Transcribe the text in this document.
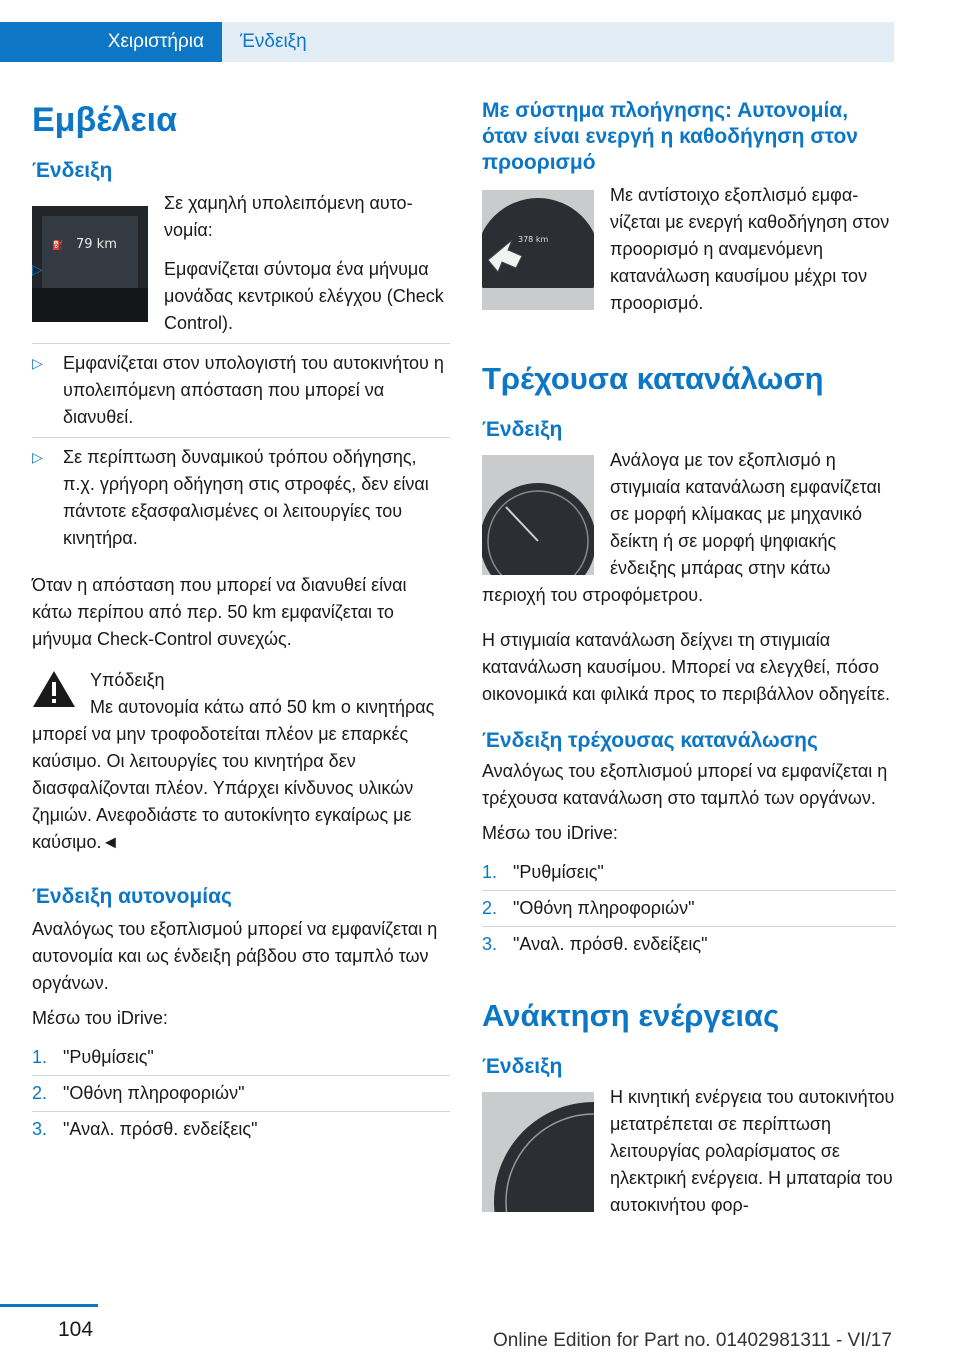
Χειριστήρια Ένδειξη
Εμβέλεια
Ένδειξη
⛽ 79 km

Σε χαμηλή υπολειπόμενη αυτονομία:

▷	Εμφανίζεται σύντομα ένα μήνυμα μονάδας κεντρικού ελέγχου (Check Control).
▷ Εμφανίζεται στον υπολογιστή του αυτοκινήτου η υπολειπόμενη απόσταση που μπορεί να διανυθεί.
▷ Σε περίπτωση δυναμικού τρόπου οδήγησης, π.χ. γρήγορη οδήγηση στις στροφές, δεν είναι πάντοτε εξασφαλισμένες οι λειτουργίες του κινητήρα.

Όταν η απόσταση που μπορεί να διανυθεί είναι κάτω περίπου από περ. 50 km εμφανίζεται το μήνυμα Check-Control συνεχώς.

Υπόδειξη

Με αυτονομία κάτω από 50 km ο κινητήρας μπορεί να μην τροφοδοτείται πλέον με επαρκές καύσιμο. Οι λειτουργίες του κινητήρα δεν διασφαλίζονται πλέον. Υπάρχει κίνδυνος υλικών ζημιών. Ανεφοδιάστε το αυτοκίνητο εγκαίρως με καύσιμο.◄

Ένδειξη αυτονομίας

Αναλόγως του εξοπλισμού μπορεί να εμφανίζεται η αυτονομία και ως ένδειξη ράβδου στο ταμπλό των οργάνων.

Μέσω του iDrive:

1. "Ρυθμίσεις"
2. "Οθόνη πληροφοριών"
3. "Αναλ. πρόσθ. ενδείξεις"
Με σύστημα πλοήγησης: Αυτονομία, όταν είναι ενεργή η καθοδήγηση στον προορισμό
378 km

Με αντίστοιχο εξοπλισμό εμφανίζεται με ενεργή καθοδήγηση στον προορισμό η αναμενόμενη κατανάλωση καυσίμου μέχρι τον προορισμό.

Τρέχουσα κατανάλωση
Ένδειξη

Ανάλογα με τον εξοπλισμό η στιγμιαία κατανάλωση εμφανίζεται σε μορφή κλίμακας με μηχανικό δείκτη ή σε μορφή ψηφιακής ένδειξης μπάρας στην κάτω περιοχή του στροφόμετρου.

Η στιγμιαία κατανάλωση δείχνει τη στιγμιαία κατανάλωση καυσίμου. Μπορεί να ελεγχθεί, πόσο οικονομικά και φιλικά προς το περιβάλλον οδηγείτε.

Ένδειξη τρέχουσας κατανάλωσης

Αναλόγως του εξοπλισμού μπορεί να εμφανίζεται η τρέχουσα κατανάλωση στο ταμπλό των οργάνων.

Μέσω του iDrive:

1. "Ρυθμίσεις"
2. "Οθόνη πληροφοριών"
3. "Αναλ. πρόσθ. ενδείξεις"
Ανάκτηση ενέργειας
Ένδειξη

Η κινητική ενέργεια του αυτοκινήτου μετατρέπεται σε περίπτωση λειτουργίας ρολαρίσματος σε ηλεκτρική ενέργεια. Η μπαταρία του αυτοκινήτου φορ-

104	Online Edition for Part no. 01402981311 - VI/17
